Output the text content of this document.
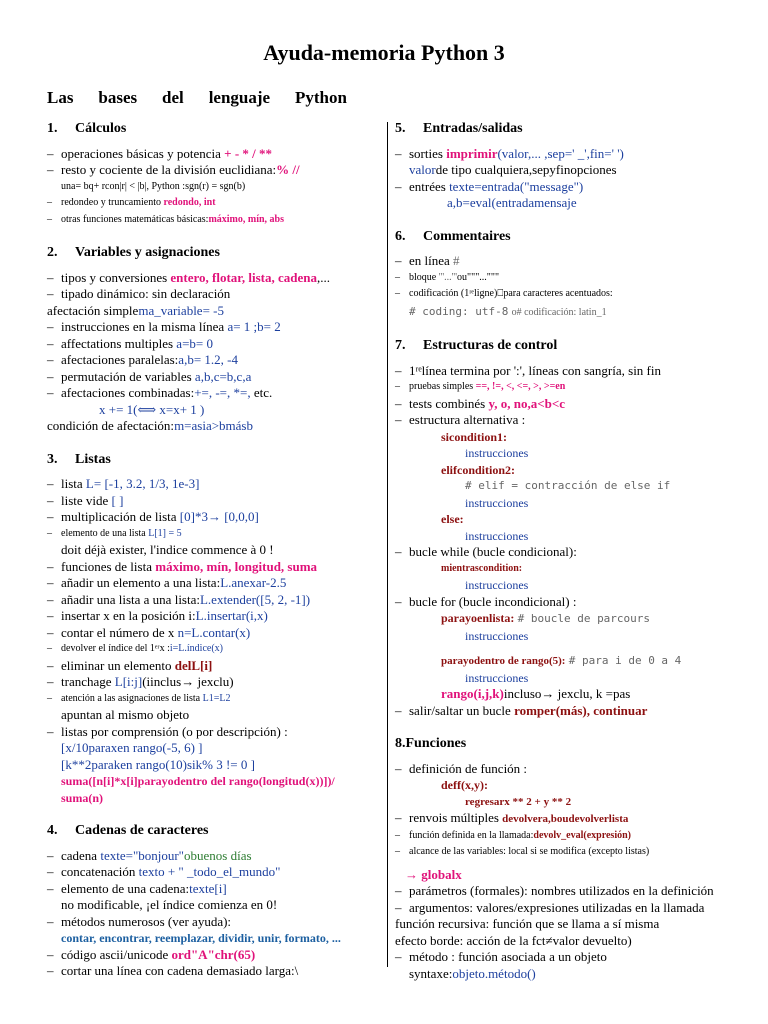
Ayuda-memoria Python 3
Las bases del lenguaje Python
1. Cálculos
– operaciones básicas y potencia + - * / **
– resto y cociente de la división euclidiana:% //
una= bq+ rcon|r| < |b|, Python :sgn(r) = sgn(b)
– redondeo y truncamiento redondo, int
– otras funciones matemáticas básicas:máximo, mín, abs
2. Variables y asignaciones
– tipos y conversiones entero, flotar, lista, cadena,...
– tipado dinámico: sin declaración
afectación simplema_variable= -5
– instrucciones en la misma línea a= 1 ;b= 2
– affectations multiples a=b= 0
– afectaciones paralelas:a,b= 1.2, -4
– permutación de variables a,b,c=b,c,a
– afectaciones combinadas:+=, -=, *=, etc.
x += 1(⟺ x=x+ 1 )
condición de afectación:m=asia>bmásb
3. Listas
– lista L= [-1, 3.2, 1/3, 1e-3]
– liste vide [ ]
– multiplicación de lista [0]*3→ [0,0,0]
– elemento de una lista L[1] = 5
doit déjà exister, l'indice commence à 0 !
– funciones de lista máximo, mín, longitud, suma
– añadir un elemento a una lista:L.anexar-2.5
– añadir una lista a una lista:L.extender([5, 2, -1])
– insertar x en la posición i:L.insertar(i,x)
– contar el número de x n=L.contar(x)
– devolver el índice del 1ᵉʳx :i=L.índice(x)
– eliminar un elemento delL[i]
– tranchage L[i:j](iinclus→ jexclu)
– atención a las asignaciones de lista L1=L2
apuntan al mismo objeto
– listas por comprensión (o por descripción) :
[x/10paraxen rango(-5, 6) ]
[k**2paraken rango(10)sik% 3 != 0 ]
suma([n[i]*x[i]parayodentro del rango(longitud(x))])/ suma(n)
4. Cadenas de caracteres
– cadena texte="bonjour"obuenos días
– concatenación texto + " _todo_el_mundo"
– elemento de una cadena:texte[i]
no modificable, ¡el índice comienza en 0!
– métodos numerosos (ver ayuda):
contar, encontrar, reemplazar, dividir, unir, formato, ...
– código ascii/unicode ord"A"chr(65)
– cortar una línea con cadena demasiado larga:\
5. Entradas/salidas
– sorties imprimir(valor,... ,sep=' _',fin=' ')
valorde tipo cualquiera,sepyfinopciones
– entrées texte=entrada("message")
a,b=eval(entradamensaje
6. Commentaires
– en línea #
– bloque '''...'''ou"""..."""
– codificación (1ʳᵉligne)⎕para caracteres acentuados:
# coding: utf-8 o# codificación: latin_1
7. Estructuras de control
– 1ʳᵉlínea termina por ':', líneas con sangría, sin fin
– pruebas simples ==, !=, <, <=, >, >=en
– tests combinés y, o, no,a<b<c
– estructura alternativa :
sicondition1:
instrucciones
elifcondition2:
# elif = contracción de else if
instrucciones
else:
instrucciones
– bucle while (bucle condicional):
mientrascondition:
instrucciones
– bucle for (bucle incondicional) :
parayoenlista: # boucle de parcours
instrucciones
parayodentro de rango(5): # para i de 0 a 4
instrucciones
rango(i,j,k)incluso→ jexclu, k =pas
– salir/saltar un bucle romper(más), continuar
8.Funciones
– definición de función :
deff(x,y):
regresarx ** 2 + y ** 2
– renvois múltiples devolvera,boudevolverlista
– función definida en la llamada:devolv_eval(expresión)
– alcance de las variables: local si se modifica (excepto listas)
→ globalx
– parámetros (formales): nombres utilizados en la definición
– argumentos: valores/expresiones utilizadas en la llamada
función recursiva: función que se llama a sí misma
efecto borde: acción de la fct≠valor devuelto)
– método : función asociada a un objeto
syntaxe:objeto.método()
